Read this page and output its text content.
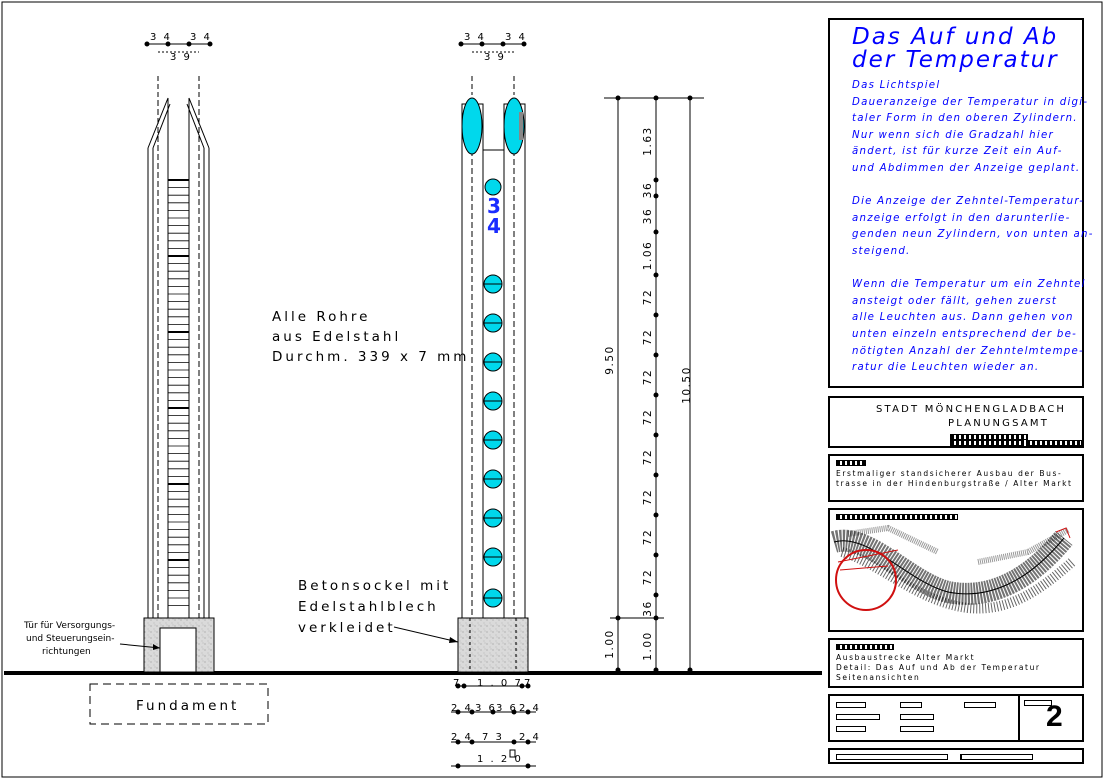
3 4 3 4
3 9
Fundament
Alle Rohre
aus Edelstahl
Durchm. 339 x 7 mm
Tür für Versorgungs-
und Steuerungsein-
richtungen
3
4
3 4 3 4
3 9
Betonsockel mit
Edelstahlblech
verkleidet
7 1 . 0 7 7
2 4 3 6 3 6 2 4
2 4 7 3 2 4
1 . 2 0
1.63
36
36
1.06
72
72
72
72
72
72
72
72
36
1.00
9.50
1.00
10.50
Das Auf und Ab
der Temperatur
Das Lichtspiel
Daueranzeige der Temperatur in digi-
taler Form in den oberen Zylindern.
Nur wenn sich die Gradzahl hier
ändert, ist für kurze Zeit ein Auf-
und Abdimmen der Anzeige geplant.

Die Anzeige der Zehntel-Temperatur-
anzeige erfolgt in den darunterlie-
genden neun Zylindern, von unten an-
steigend.

Wenn die Temperatur um ein Zehntel
ansteigt oder fällt, gehen zuerst
alle Leuchten aus. Dann gehen von
unten einzeln entsprechend der be-
nötigten Anzahl der Zehntelmtempe-
ratur die Leuchten wieder an.
STADT MÖNCHENGLADBACH
PLANUNGSAMT
Erstmaliger standsicherer Ausbau der Bus-
trasse in der Hindenburgstraße / Alter Markt
Ausbaustrecke Alter Markt
Detail: Das Auf und Ab der Temperatur
Seitenansichten
2
